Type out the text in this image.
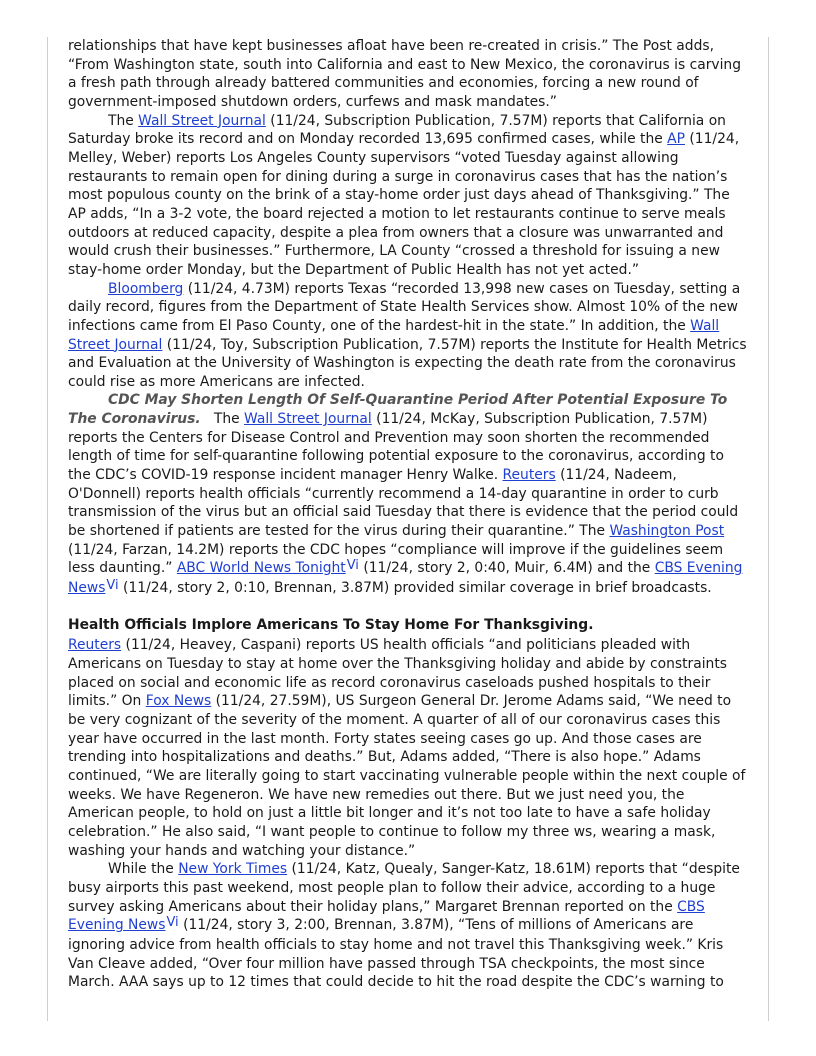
relationships that have kept businesses afloat have been re-created in crisis.” The Post adds, “From Washington state, south into California and east to New Mexico, the coronavirus is carving a fresh path through already battered communities and economies, forcing a new round of government-imposed shutdown orders, curfews and mask mandates.”

The Wall Street Journal (11/24, Subscription Publication, 7.57M) reports that California on Saturday broke its record and on Monday recorded 13,695 confirmed cases, while the AP (11/24, Melley, Weber) reports Los Angeles County supervisors “voted Tuesday against allowing restaurants to remain open for dining during a surge in coronavirus cases that has the nation’s most populous county on the brink of a stay-home order just days ahead of Thanksgiving.” The AP adds, “In a 3-2 vote, the board rejected a motion to let restaurants continue to serve meals outdoors at reduced capacity, despite a plea from owners that a closure was unwarranted and would crush their businesses.” Furthermore, LA County “crossed a threshold for issuing a new stay-home order Monday, but the Department of Public Health has not yet acted.”

Bloomberg (11/24, 4.73M) reports Texas “recorded 13,998 new cases on Tuesday, setting a daily record, figures from the Department of State Health Services show. Almost 10% of the new infections came from El Paso County, one of the hardest-hit in the state.” In addition, the Wall Street Journal (11/24, Toy, Subscription Publication, 7.57M) reports the Institute for Health Metrics and Evaluation at the University of Washington is expecting the death rate from the coronavirus could rise as more Americans are infected.

CDC May Shorten Length Of Self-Quarantine Period After Potential Exposure To The Coronavirus.   The Wall Street Journal (11/24, McKay, Subscription Publication, 7.57M) reports the Centers for Disease Control and Prevention may soon shorten the recommended length of time for self-quarantine following potential exposure to the coronavirus, according to the CDC’s COVID-19 response incident manager Henry Walke. Reuters (11/24, Nadeem, O'Donnell) reports health officials “currently recommend a 14-day quarantine in order to curb transmission of the virus but an official said Tuesday that there is evidence that the period could be shortened if patients are tested for the virus during their quarantine.” The Washington Post (11/24, Farzan, 14.2M) reports the CDC hopes “compliance will improve if the guidelines seem less daunting.” ABC World News TonightVi (11/24, story 2, 0:40, Muir, 6.4M) and the CBS Evening NewsVi (11/24, story 2, 0:10, Brennan, 3.87M) provided similar coverage in brief broadcasts.

Health Officials Implore Americans To Stay Home For Thanksgiving.

Reuters (11/24, Heavey, Caspani) reports US health officials “and politicians pleaded with Americans on Tuesday to stay at home over the Thanksgiving holiday and abide by constraints placed on social and economic life as record coronavirus caseloads pushed hospitals to their limits.” On Fox News (11/24, 27.59M), US Surgeon General Dr. Jerome Adams said, “We need to be very cognizant of the severity of the moment. A quarter of all of our coronavirus cases this year have occurred in the last month. Forty states seeing cases go up. And those cases are trending into hospitalizations and deaths.” But, Adams added, “There is also hope.” Adams continued, “We are literally going to start vaccinating vulnerable people within the next couple of weeks. We have Regeneron. We have new remedies out there. But we just need you, the American people, to hold on just a little bit longer and it’s not too late to have a safe holiday celebration.” He also said, “I want people to continue to follow my three ws, wearing a mask, washing your hands and watching your distance.”

While the New York Times (11/24, Katz, Quealy, Sanger-Katz, 18.61M) reports that “despite busy airports this past weekend, most people plan to follow their advice, according to a huge survey asking Americans about their holiday plans,” Margaret Brennan reported on the CBS Evening NewsVi (11/24, story 3, 2:00, Brennan, 3.87M), “Tens of millions of Americans are ignoring advice from health officials to stay home and not travel this Thanksgiving week.” Kris Van Cleave added, “Over four million have passed through TSA checkpoints, the most since March. AAA says up to 12 times that could decide to hit the road despite the CDC’s warning to
